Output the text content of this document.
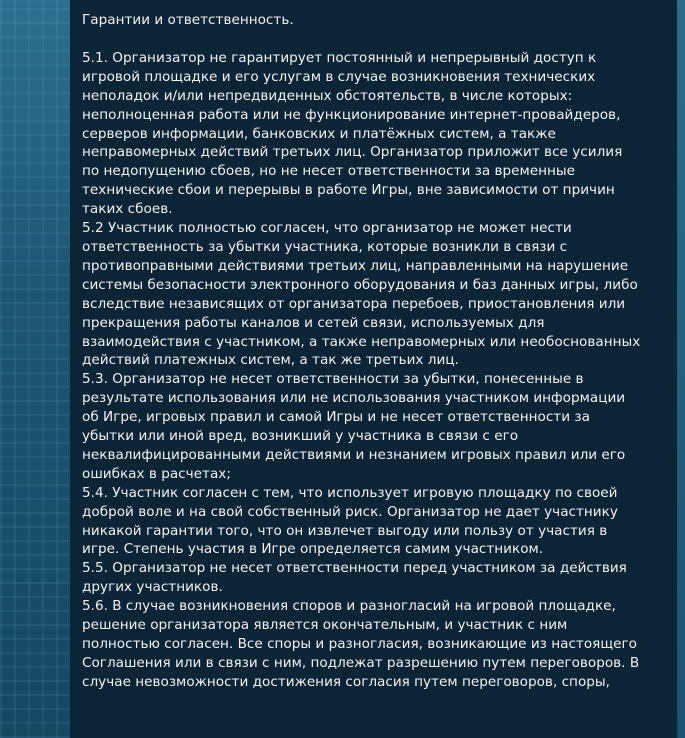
Гарантии и ответственность.

5.1. Организатор не гарантирует постоянный и непрерывный доступ к
игровой площадке и его услугам в случае возникновения технических
неполадок и/или непредвиденных обстоятельств, в числе которых:
неполноценная работа или не функционирование интернет-провайдеров,
серверов информации, банковских и платёжных систем, а также
неправомерных действий третьих лиц. Организатор приложит все усилия
по недопущению сбоев, но не несет ответственности за временные
технические сбои и перерывы в работе Игры, вне зависимости от причин
таких сбоев.

5.2 Участник полностью согласен, что организатор не может нести
ответственность за убытки участника, которые возникли в связи с
противоправными действиями третьих лиц, направленными на нарушение
системы безопасности электронного оборудования и баз данных игры, либо
вследствие независящих от организатора перебоев, приостановления или
прекращения работы каналов и сетей связи, используемых для
взаимодействия с участником, а также неправомерных или необоснованных
действий платежных систем, а так же третьих лиц.

5.3. Организатор не несет ответственности за убытки, понесенные в
результате использования или не использования участником информации
об Игре, игровых правил и самой Игры и не несет ответственности за
убытки или иной вред, возникший у участника в связи с его
неквалифицированными действиями и незнанием игровых правил или его
ошибках в расчетах;

5.4. Участник согласен с тем, что использует игровую площадку по своей
доброй воле и на свой собственный риск. Организатор не дает участнику
никакой гарантии того, что он извлечет выгоду или пользу от участия в
игре. Степень участия в Игре определяется самим участником.

5.5. Организатор не несет ответственности перед участником за действия
других участников.

5.6. В случае возникновения споров и разногласий на игровой площадке,
решение организатора является окончательным, и участник с ним
полностью согласен. Все споры и разногласия, возникающие из настоящего
Соглашения или в связи с ним, подлежат разрешению путем переговоров. В
случае невозможности достижения согласия путем переговоров, споры,
